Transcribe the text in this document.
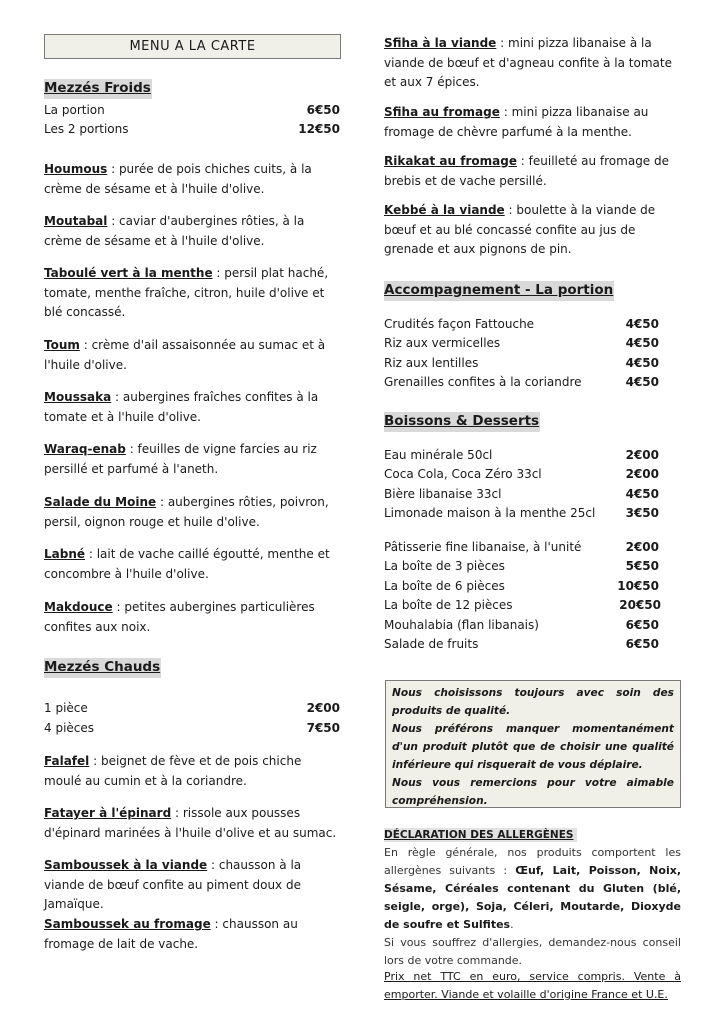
MENU A LA CARTE
Mezzés Froids
La portion	6€50
Les 2 portions	12€50
Houmous : purée de pois chiches cuits, à la crème de sésame et à l'huile d'olive.
Moutabal : caviar d'aubergines rôties, à la crème de sésame et à l'huile d'olive.
Taboulé vert à la menthe : persil plat haché, tomate, menthe fraîche, citron, huile d'olive et blé concassé.
Toum : crème d'ail assaisonnée au sumac et à l'huile d'olive.
Moussaka : aubergines fraîches confites à la tomate et à l'huile d'olive.
Waraq-enab : feuilles de vigne farcies au riz persillé et parfumé à l'aneth.
Salade du Moine : aubergines rôties, poivron, persil, oignon rouge et huile d'olive.
Labné : lait de vache caillé égoutté, menthe et concombre à l'huile d'olive.
Makdouce : petites aubergines particulières confites aux noix.
Mezzés Chauds
1 pièce	2€00
4 pièces	7€50
Falafel : beignet de fève et de pois chiche moulé au cumin et à la coriandre.
Fatayer à l'épinard : rissole aux pousses d'épinard marinées à l'huile d'olive et au sumac.
Samboussek à la viande : chausson à la viande de bœuf confite au piment doux de Jamaïque.
Samboussek au fromage : chausson au fromage de lait de vache.
Sfiha à la viande : mini pizza libanaise à la viande de bœuf et d'agneau confite à la tomate et aux 7 épices.
Sfiha au fromage : mini pizza libanaise au fromage de chèvre parfumé à la menthe.
Rikakat au fromage : feuilleté au fromage de brebis et de vache persillé.
Kebbé à la viande : boulette à la viande de bœuf et au blé concassé confite au jus de grenade et aux pignons de pin.
Accompagnement - La portion
Crudités façon Fattouche	4€50
Riz aux vermicelles	4€50
Riz aux lentilles	4€50
Grenailles confites à la coriandre	4€50
Boissons & Desserts
Eau minérale 50cl	2€00
Coca Cola, Coca Zéro 33cl	2€00
Bière libanaise 33cl	4€50
Limonade maison à la menthe 25cl	3€50
Pâtisserie fine libanaise, à l'unité	2€00
La boîte de 3 pièces	5€50
La boîte de 6 pièces	10€50
La boîte de 12 pièces	20€50
Mouhalabia (flan libanais)	6€50
Salade de fruits	6€50
Nous choisissons toujours avec soin des produits de qualité.
Nous préférons manquer momentanément d'un produit plutôt que de choisir une qualité inférieure qui risquerait de vous déplaire.
Nous vous remercions pour votre aimable compréhension.
DÉCLARATION DES ALLERGÈNES
En règle générale, nos produits comportent les allergènes suivants : Œuf, Lait, Poisson, Noix, Sésame, Céréales contenant du Gluten (blé, seigle, orge), Soja, Céleri, Moutarde, Dioxyde de soufre et Sulfites.
Si vous souffrez d'allergies, demandez-nous conseil lors de votre commande.
Prix net TTC en euro, service compris. Vente à emporter. Viande et volaille d'origine France et U.E.
